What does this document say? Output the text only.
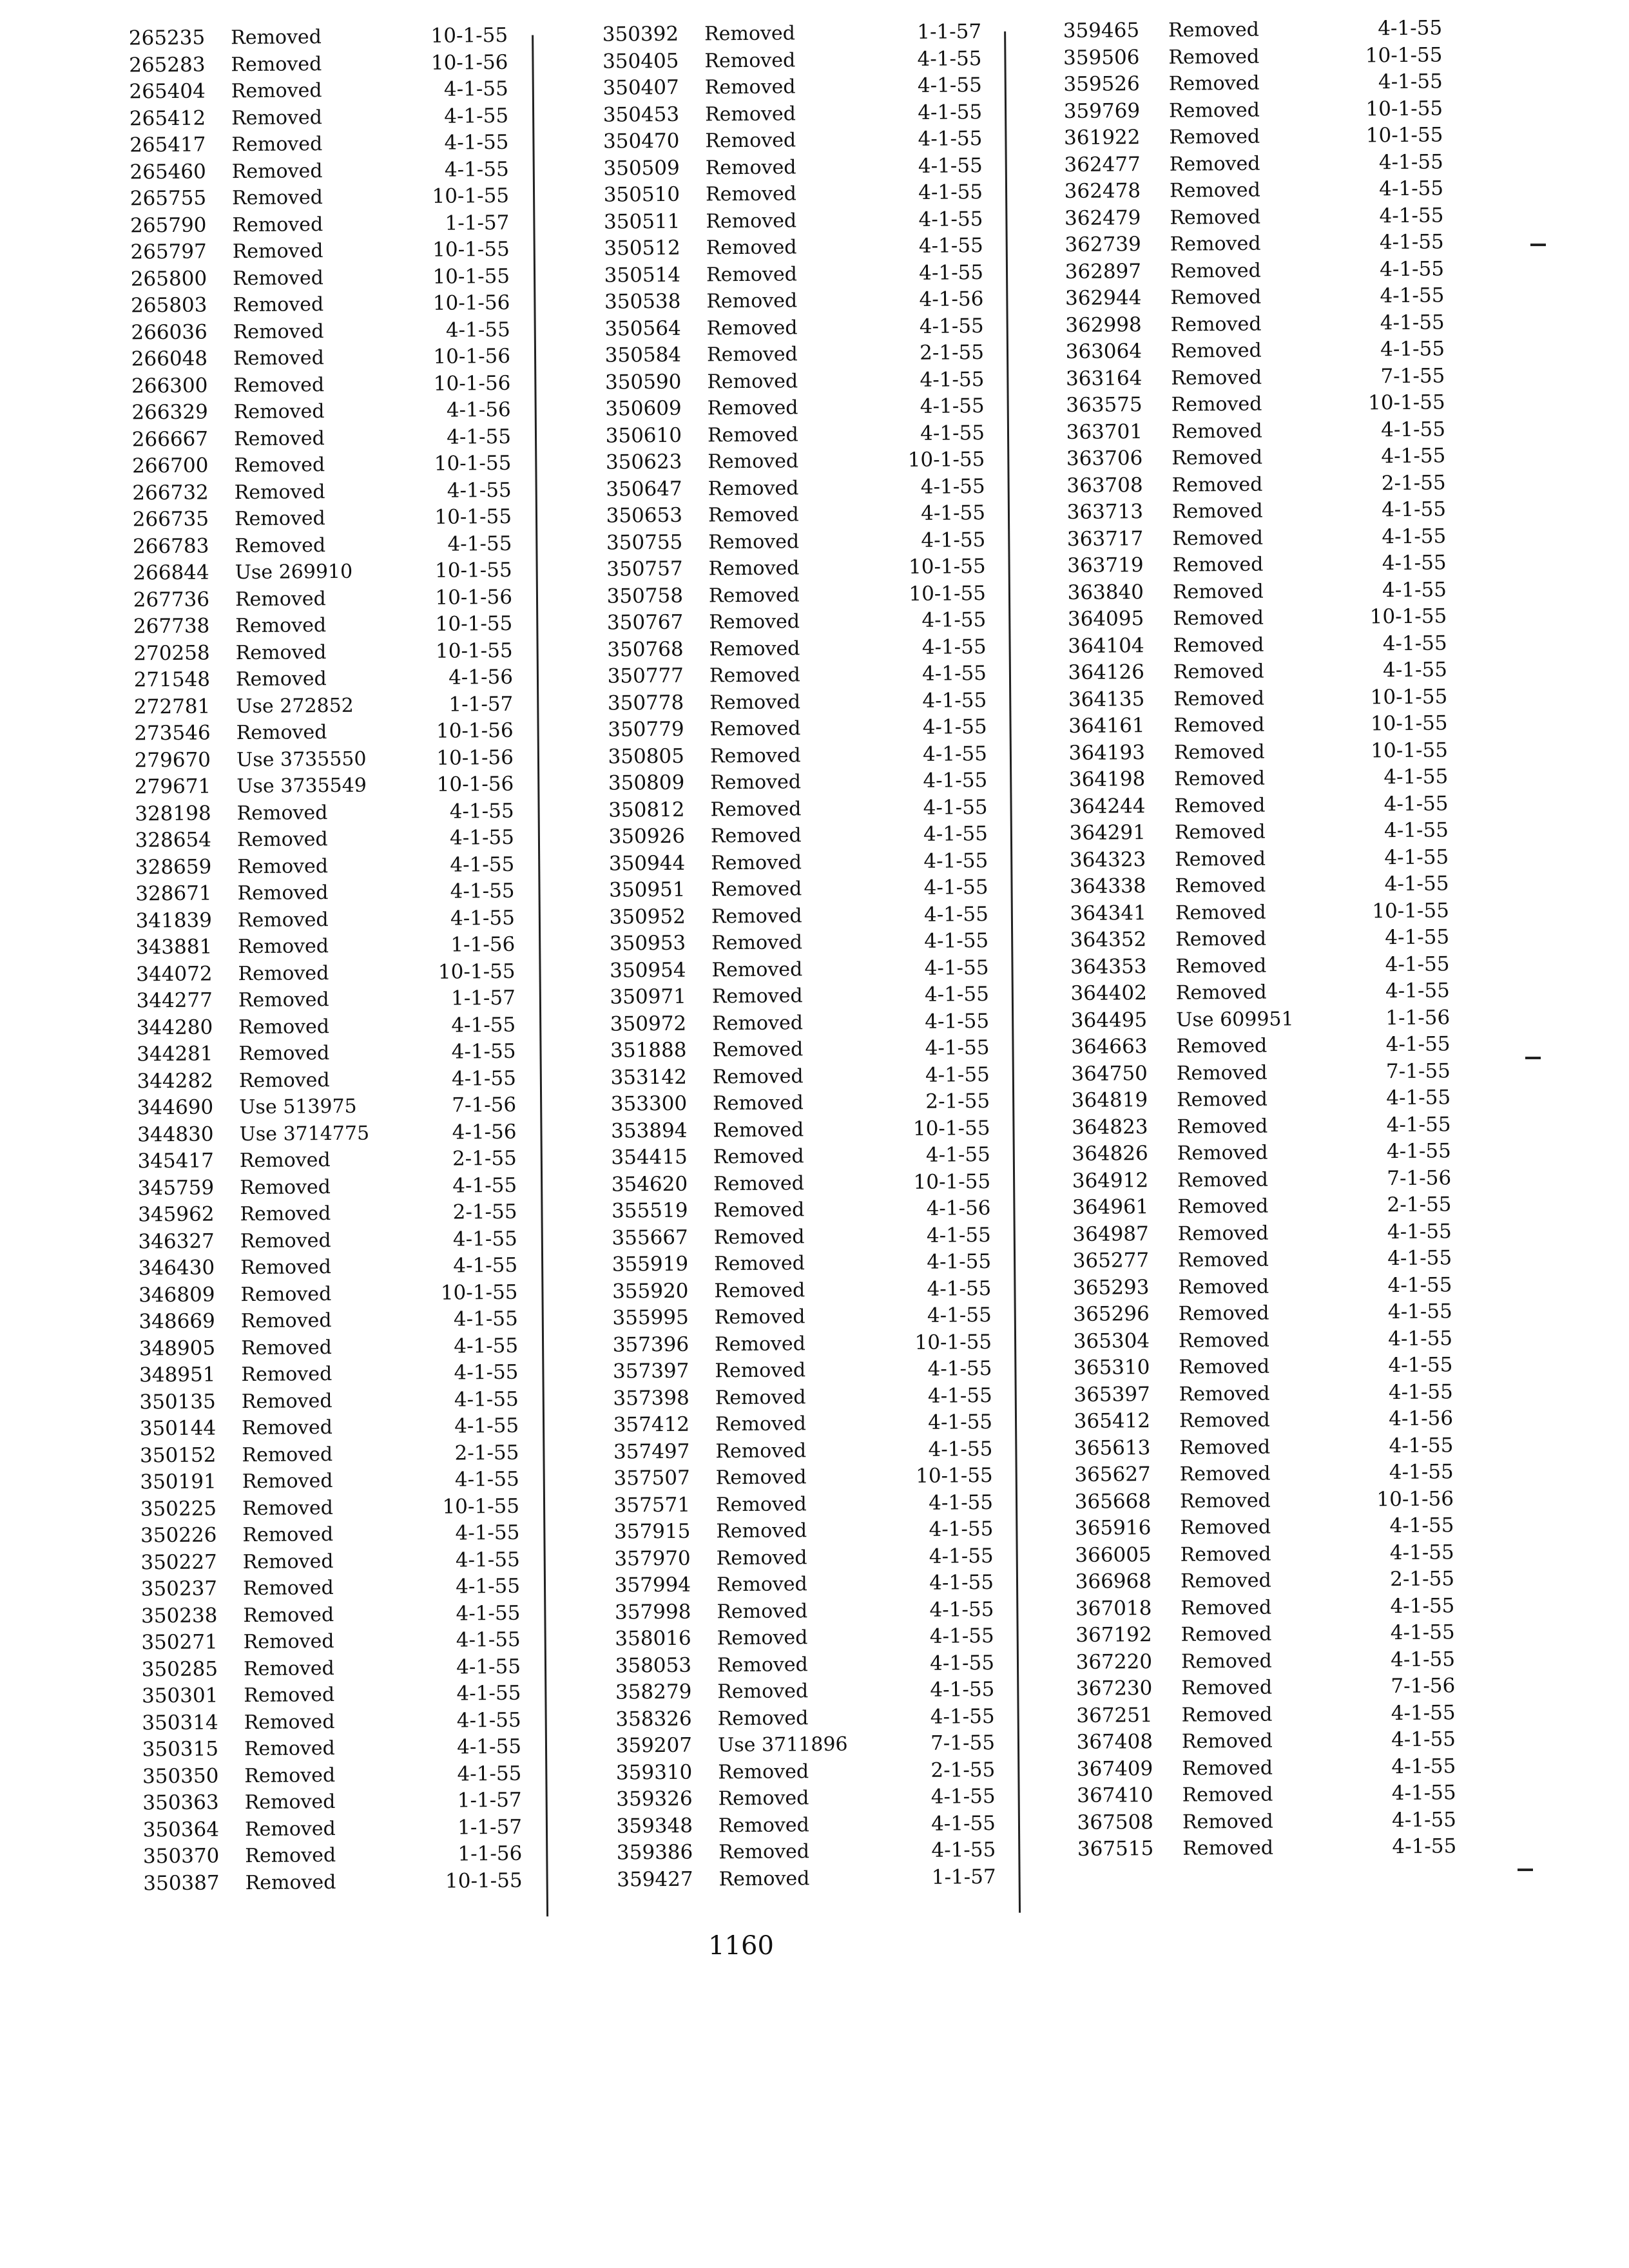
265235 Removed	10-1-55
265283 Removed	10-1-56
265404 Removed	4-1-55
265412 Removed	4-1-55
265417 Removed	4-1-55
265460 Removed	4-1-55
265755 Removed	10-1-55
265790 Removed	1-1-57
265797 Removed	10-1-55
265800 Removed	10-1-55
265803 Removed	10-1-56
266036 Removed	4-1-55
266048 Removed	10-1-56
266300 Removed	10-1-56
266329 Removed	4-1-56
266667 Removed	4-1-55
266700 Removed	10-1-55
266732 Removed	4-1-55
266735 Removed	10-1-55
266783 Removed	4-1-55
266844 Use 269910	10-1-55
267736 Removed	10-1-56
267738 Removed	10-1-55
270258 Removed	10-1-55
271548 Removed	4-1-56
272781 Use 272852	1-1-57
273546 Removed	10-1-56
279670 Use 3735550	10-1-56
279671 Use 3735549	10-1-56
328198 Removed	4-1-55
328654 Removed	4-1-55
328659 Removed	4-1-55
328671 Removed	4-1-55
341839 Removed	4-1-55
343881 Removed	1-1-56
344072 Removed	10-1-55
344277 Removed	1-1-57
344280 Removed	4-1-55
344281 Removed	4-1-55
344282 Removed	4-1-55
344690 Use 513975	7-1-56
344830 Use 3714775	4-1-56
345417 Removed	2-1-55
345759 Removed	4-1-55
345962 Removed	2-1-55
346327 Removed	4-1-55
346430 Removed	4-1-55
346809 Removed	10-1-55
348669 Removed	4-1-55
348905 Removed	4-1-55
348951 Removed	4-1-55
350135 Removed	4-1-55
350144 Removed	4-1-55
350152 Removed	2-1-55
350191 Removed	4-1-55
350225 Removed	10-1-55
350226 Removed	4-1-55
350227 Removed	4-1-55
350237 Removed	4-1-55
350238 Removed	4-1-55
350271 Removed	4-1-55
350285 Removed	4-1-55
350301 Removed	4-1-55
350314 Removed	4-1-55
350315 Removed	4-1-55
350350 Removed	4-1-55
350363 Removed	1-1-57
350364 Removed	1-1-57
350370 Removed	1-1-56
350387 Removed	10-1-55
350392 Removed	1-1-57
350405 Removed	4-1-55
350407 Removed	4-1-55
350453 Removed	4-1-55
350470 Removed	4-1-55
350509 Removed	4-1-55
350510 Removed	4-1-55
350511 Removed	4-1-55
350512 Removed	4-1-55
350514 Removed	4-1-55
350538 Removed	4-1-56
350564 Removed	4-1-55
350584 Removed	2-1-55
350590 Removed	4-1-55
350609 Removed	4-1-55
350610 Removed	4-1-55
350623 Removed	10-1-55
350647 Removed	4-1-55
350653 Removed	4-1-55
350755 Removed	4-1-55
350757 Removed	10-1-55
350758 Removed	10-1-55
350767 Removed	4-1-55
350768 Removed	4-1-55
350777 Removed	4-1-55
350778 Removed	4-1-55
350779 Removed	4-1-55
350805 Removed	4-1-55
350809 Removed	4-1-55
350812 Removed	4-1-55
350926 Removed	4-1-55
350944 Removed	4-1-55
350951 Removed	4-1-55
350952 Removed	4-1-55
350953 Removed	4-1-55
350954 Removed	4-1-55
350971 Removed	4-1-55
350972 Removed	4-1-55
351888 Removed	4-1-55
353142 Removed	4-1-55
353300 Removed	2-1-55
353894 Removed	10-1-55
354415 Removed	4-1-55
354620 Removed	10-1-55
355519 Removed	4-1-56
355667 Removed	4-1-55
355919 Removed	4-1-55
355920 Removed	4-1-55
355995 Removed	4-1-55
357396 Removed	10-1-55
357397 Removed	4-1-55
357398 Removed	4-1-55
357412 Removed	4-1-55
357497 Removed	4-1-55
357507 Removed	10-1-55
357571 Removed	4-1-55
357915 Removed	4-1-55
357970 Removed	4-1-55
357994 Removed	4-1-55
357998 Removed	4-1-55
358016 Removed	4-1-55
358053 Removed	4-1-55
358279 Removed	4-1-55
358326 Removed	4-1-55
359207 Use 3711896	7-1-55
359310 Removed	2-1-55
359326 Removed	4-1-55
359348 Removed	4-1-55
359386 Removed	4-1-55
359427 Removed	1-1-57
359465 Removed	4-1-55
359506 Removed	10-1-55
359526 Removed	4-1-55
359769 Removed	10-1-55
361922 Removed	10-1-55
362477 Removed	4-1-55
362478 Removed	4-1-55
362479 Removed	4-1-55
362739 Removed	4-1-55
362897 Removed	4-1-55
362944 Removed	4-1-55
362998 Removed	4-1-55
363064 Removed	4-1-55
363164 Removed	7-1-55
363575 Removed	10-1-55
363701 Removed	4-1-55
363706 Removed	4-1-55
363708 Removed	2-1-55
363713 Removed	4-1-55
363717 Removed	4-1-55
363719 Removed	4-1-55
363840 Removed	4-1-55
364095 Removed	10-1-55
364104 Removed	4-1-55
364126 Removed	4-1-55
364135 Removed	10-1-55
364161 Removed	10-1-55
364193 Removed	10-1-55
364198 Removed	4-1-55
364244 Removed	4-1-55
364291 Removed	4-1-55
364323 Removed	4-1-55
364338 Removed	4-1-55
364341 Removed	10-1-55
364352 Removed	4-1-55
364353 Removed	4-1-55
364402 Removed	4-1-55
364495 Use 609951	1-1-56
364663 Removed	4-1-55
364750 Removed	7-1-55
364819 Removed	4-1-55
364823 Removed	4-1-55
364826 Removed	4-1-55
364912 Removed	7-1-56
364961 Removed	2-1-55
364987 Removed	4-1-55
365277 Removed	4-1-55
365293 Removed	4-1-55
365296 Removed	4-1-55
365304 Removed	4-1-55
365310 Removed	4-1-55
365397 Removed	4-1-55
365412 Removed	4-1-56
365613 Removed	4-1-55
365627 Removed	4-1-55
365668 Removed	10-1-56
365916 Removed	4-1-55
366005 Removed	4-1-55
366968 Removed	2-1-55
367018 Removed	4-1-55
367192 Removed	4-1-55
367220 Removed	4-1-55
367230 Removed	7-1-56
367251 Removed	4-1-55
367408 Removed	4-1-55
367409 Removed	4-1-55
367410 Removed	4-1-55
367508 Removed	4-1-55
367515 Removed	4-1-55
1160
